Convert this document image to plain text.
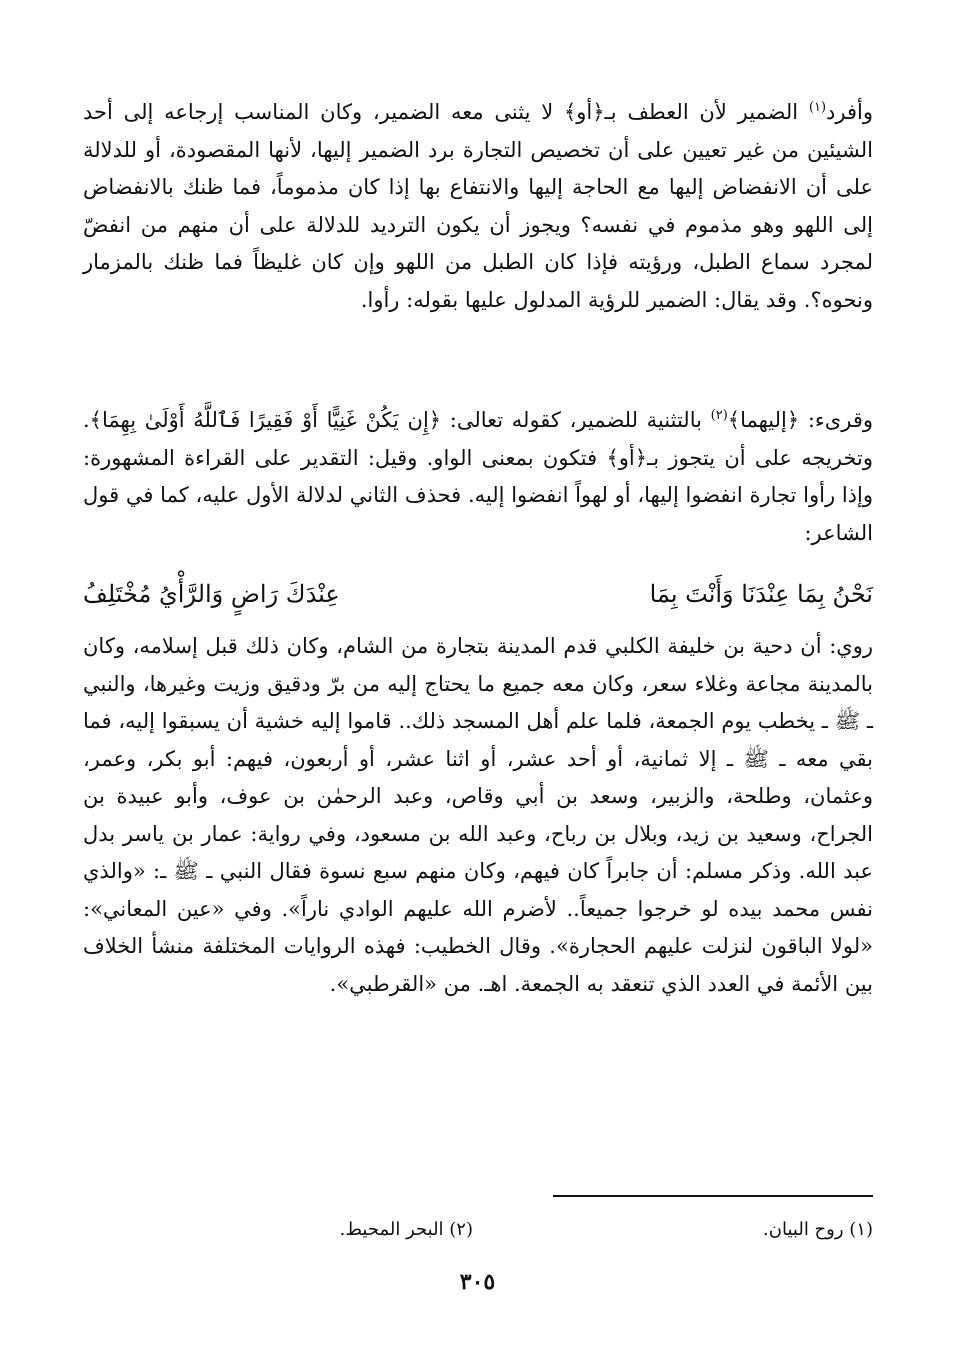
وأفرد$^{(١)}$ الضمير لأن العطف بـ﴿أو﴾ لا يثنى معه الضمير، وكان المناسب إرجاعه إلى أحد الشيئين من غير تعيين على أن تخصيص التجارة برد الضمير إليها، لأنها المقصودة، أو للدلالة على أن الانفضاض إليها مع الحاجة إليها والانتفاع بها إذا كان مذموماً، فما ظنك بالانفضاض إلى اللهو وهو مذموم في نفسه؟ ويجوز أن يكون الترديد للدلالة على أن منهم من انفضّ لمجرد سماع الطبل، ورؤيته فإذا كان الطبل من اللهو وإن كان غليظاً فما ظنك بالمزمار ونحوه؟. وقد يقال: الضمير للرؤية المدلول عليها بقوله: رأوا.
وقرىء: ﴿إليهما﴾$^{(٢)}$ بالتثنية للضمير، كقوله تعالى: ﴿إِن يَكُنْ غَنِيًّا أَوْ فَقِيرًا فَٱللَّهُ أَوْلَىٰ بِهِمَا﴾. وتخريجه على أن يتجوز بـ﴿أو﴾ فتكون بمعنى الواو. وقيل: التقدير على القراءة المشهورة: وإذا رأوا تجارة انفضوا إليها، أو لهواً انفضوا إليه. فحذف الثاني لدلالة الأول عليه، كما في قول الشاعر:
نَحْنُ بِمَا عِنْدَنَا وَأَنْتَ بِمَا
عِنْدَكَ رَاضٍ وَالرَّأْيُ مُخْتَلِفُ
روي: أن دحية بن خليفة الكلبي قدم المدينة بتجارة من الشام، وكان ذلك قبل إسلامه، وكان بالمدينة مجاعة وغلاء سعر، وكان معه جميع ما يحتاج إليه من برّ ودقيق وزيت وغيرها، والنبي ـ ﷺ ـ يخطب يوم الجمعة، فلما علم أهل المسجد ذلك.. قاموا إليه خشية أن يسبقوا إليه، فما بقي معه ـ ﷺ ـ إلا ثمانية، أو أحد عشر، أو اثنا عشر، أو أربعون، فيهم: أبو بكر، وعمر، وعثمان، وطلحة، والزبير، وسعد بن أبي وقاص، وعبد الرحمٰن بن عوف، وأبو عبيدة بن الجراح، وسعيد بن زيد، وبلال بن رباح، وعبد الله بن مسعود، وفي رواية: عمار بن ياسر بدل عبد الله. وذكر مسلم: أن جابراً كان فيهم، وكان منهم سبع نسوة فقال النبي ـ ﷺ ـ: «والذي نفس محمد بيده لو خرجوا جميعاً.. لأضرم الله عليهم الوادي ناراً». وفي «عين المعاني»: «لولا الباقون لنزلت عليهم الحجارة». وقال الخطيب: فهذه الروايات المختلفة منشأ الخلاف بين الأئمة في العدد الذي تنعقد به الجمعة. اهـ. من «القرطبي».
(١) روح البيان.
(٢) البحر المحيط.
٣٠٥
